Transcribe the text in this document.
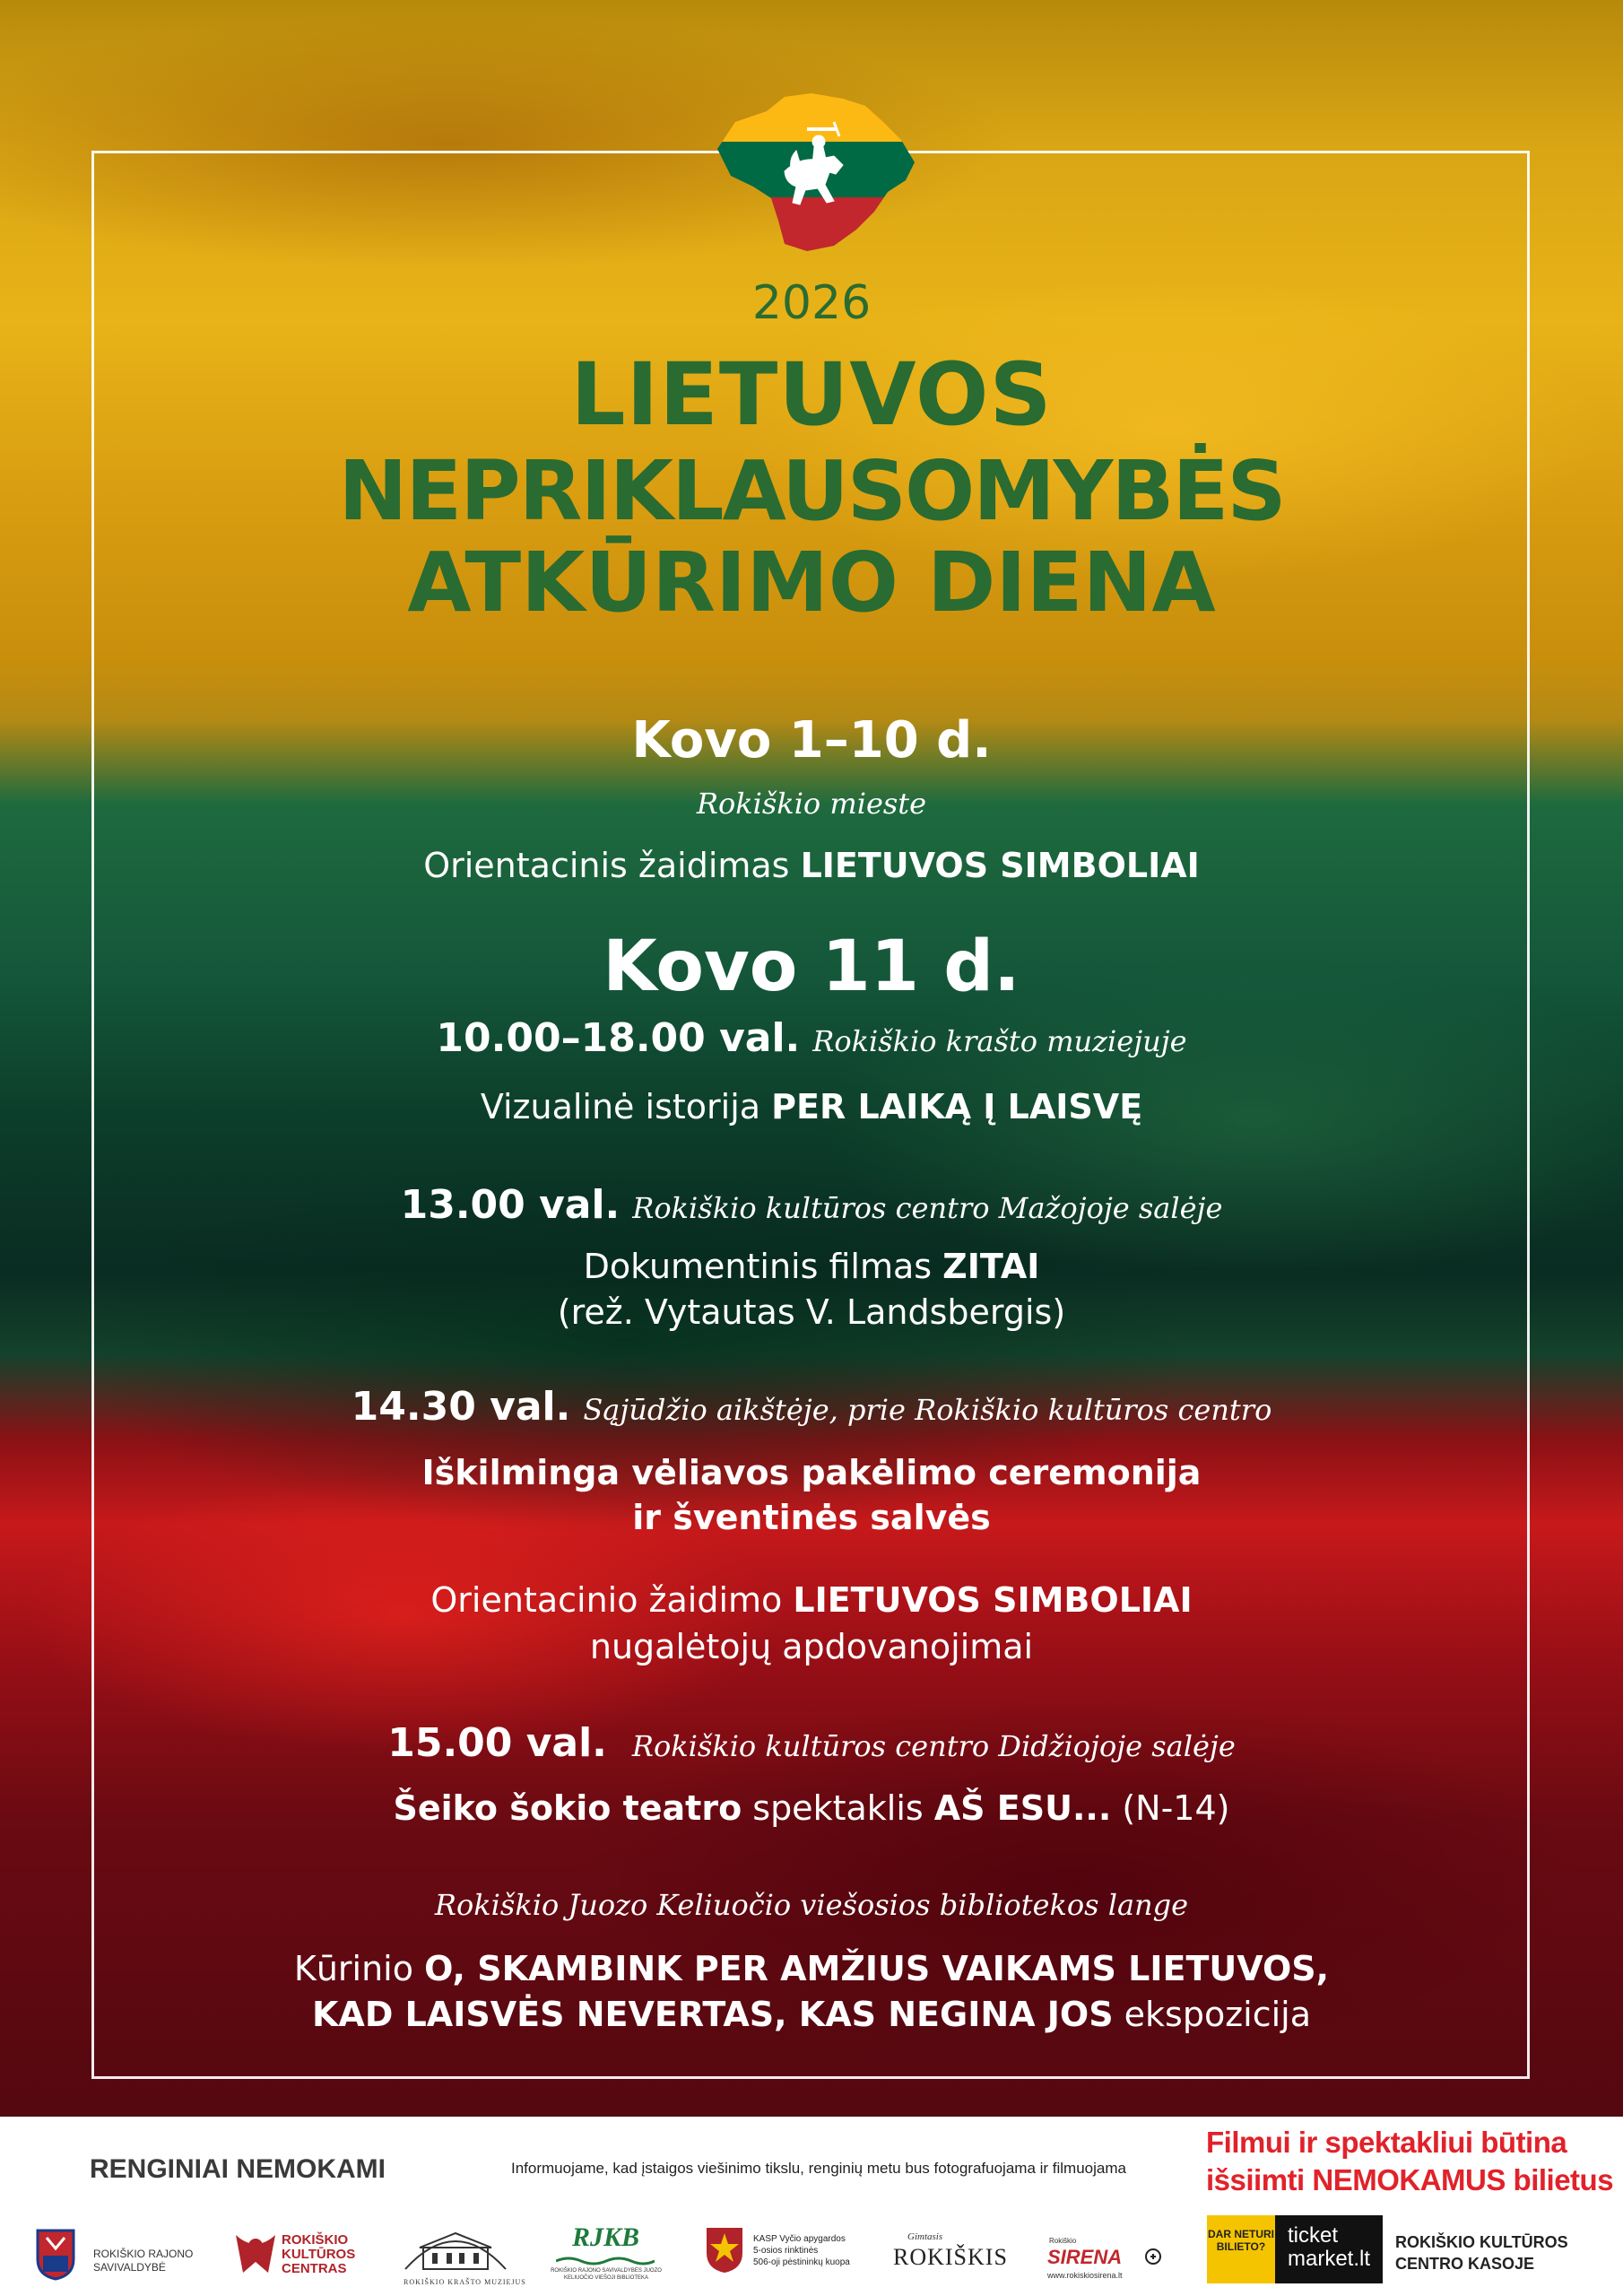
2026
LIETUVOS
NEPRIKLAUSOMYBĖS
ATKŪRIMO DIENA
Kovo 1–10 d.
Rokiškio mieste
Orientacinis žaidimas LIETUVOS SIMBOLIAI
Kovo 11 d.
10.00–18.00 val. Rokiškio krašto muziejuje
Vizualinė istorija PER LAIKĄ Į LAISVĘ
13.00 val. Rokiškio kultūros centro Mažojoje salėje
Dokumentinis filmas ZITAI
(rež. Vytautas V. Landsbergis)
14.30 val. Sąjūdžio aikštėje, prie Rokiškio kultūros centro
Iškilminga vėliavos pakėlimo ceremonija
ir šventinės salvės
Orientacinio žaidimo LIETUVOS SIMBOLIAI
nugalėtojų apdovanojimai
15.00 val. Rokiškio kultūros centro Didžiojoje salėje
Šeiko šokio teatro spektaklis AŠ ESU... (N-14)
Rokiškio Juozo Keliuočio viešosios bibliotekos lange
Kūrinio O, SKAMBINK PER AMŽIUS VAIKAMS LIETUVOS,
KAD LAISVĖS NEVERTAS, KAS NEGINA JOS ekspozicija
RENGINIAI NEMOKAMI	Informuojame, kad įstaigos viešinimo tikslu, renginių metu bus fotografuojama ir filmuojama
Filmui ir spektakliui būtina
išsiimti NEMOKAMUS bilietus
ROKIŠKIO RAJONO
SAVIVALDYBĖ
ROKIŠKIO
KULTŪROS
CENTRAS
ROKIŠKIO KRAŠTO MUZIEJUS
RJKB
ROKIŠKIO RAJONO SAVIVALDYBĖS JUOZO KELIUOČIO VIEŠOJI BIBLIOTEKA
KASP Vyčio apygardos
5-osios rinktinės
506-oji pėstininkų kuopa
Gimtasis
ROKIŠKIS
Rokiškio
SIRENA
www.rokiskiosirena.lt
DAR NETURI BILIETO?	ticket
market.lt
ROKIŠKIO KULTŪROS
CENTRO KASOJE
